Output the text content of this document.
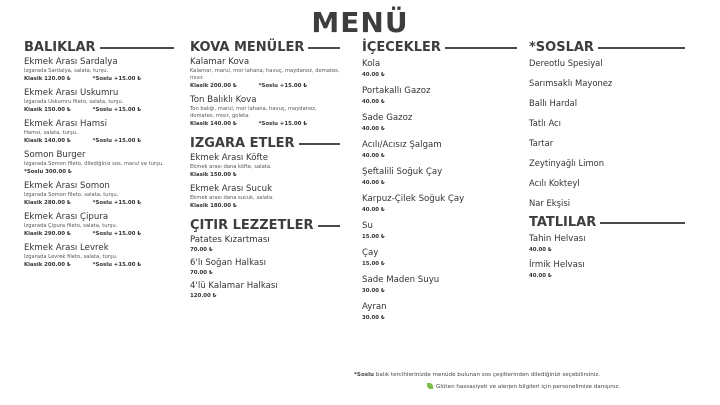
MENÜ
BALIKLAR
Ekmek Arası Sardalya
Izgarada Sardalya, salata, turşu.
Klasik 120.00 ₺	*Soslu +15.00 ₺
Ekmek Arası Uskumru
Izgarada Uskumru fileto, salata, turşu.
Klasik 150.00 ₺	*Soslu +15.00 ₺
Ekmek Arası Hamsi
Hamsi, salata, turşu.
Klasik 140.00 ₺	*Soslu +15.00 ₺
Somon Burger
Izgarada Somon fileto, dilediğiniz sos, marul ve turşu.
*Soslu 300.00 ₺
Ekmek Arası Somon
Izgarada Somon fileto, salata, turşu.
Klasik 280.00 ₺	*Soslu +15.00 ₺
Ekmek Arası Çipura
Izgarada Çipura fileto, salata, turşu.
Klasik 290.00 ₺	*Soslu +15.00 ₺
Ekmek Arası Levrek
Izgarada Levrek fileto, salata, turşu.
Klasik 200.00 ₺	*Soslu +15.00 ₺
KOVA MENÜLER
Kalamar Kova
Kalamar, marul, mor lahana, havuç, maydanoz, domates, mısır.
Klasik 200.00 ₺	*Soslu +15.00 ₺
Ton Balıklı Kova
Ton balığı, marul, mor lahana, havuç, maydanoz, domates, mısır, goleta.
Klasik 140.00 ₺	*Soslu +15.00 ₺
IZGARA ETLER
Ekmek Arası Köfte
Ekmek arası dana köfte, salata.
Klasik 150.00 ₺
Ekmek Arası Sucuk
Ekmek arası dana sucuk, salata.
Klasik 180.00 ₺
ÇITIR LEZZETLER
Patates Kızartması
70.00 ₺
6'lı Soğan Halkası
70.00 ₺
4'lü Kalamar Halkası
120.00 ₺
İÇECEKLER
Kola
40.00 ₺
Portakallı Gazoz
40.00 ₺
Sade Gazoz
40.00 ₺
Acılı/Acısız Şalgam
40.00 ₺
Şeftalili Soğuk Çay
40.00 ₺
Karpuz-Çilek Soğuk Çay
40.00 ₺
Su
15.00 ₺
Çay
15.00 ₺
Sade Maden Suyu
30.00 ₺
Ayran
30.00 ₺
*SOSLAR
Dereotlu Spesiyal
Sarımsaklı Mayonez
Ballı Hardal
Tatlı Acı
Tartar
Zeytinyağlı Limon
Acılı Kokteyl
Nar Ekşisi
TATLILAR
Tahin Helvası
40.00 ₺
İrmik Helvası
40.00 ₺
*Soslu balık tercihlerinizde menüde bulunan sos çeşitlerinden dilediğinizi seçebilirsiniz.
Glüten hassasiyeti ve alerjen bilgileri için personelimize danışınız.
